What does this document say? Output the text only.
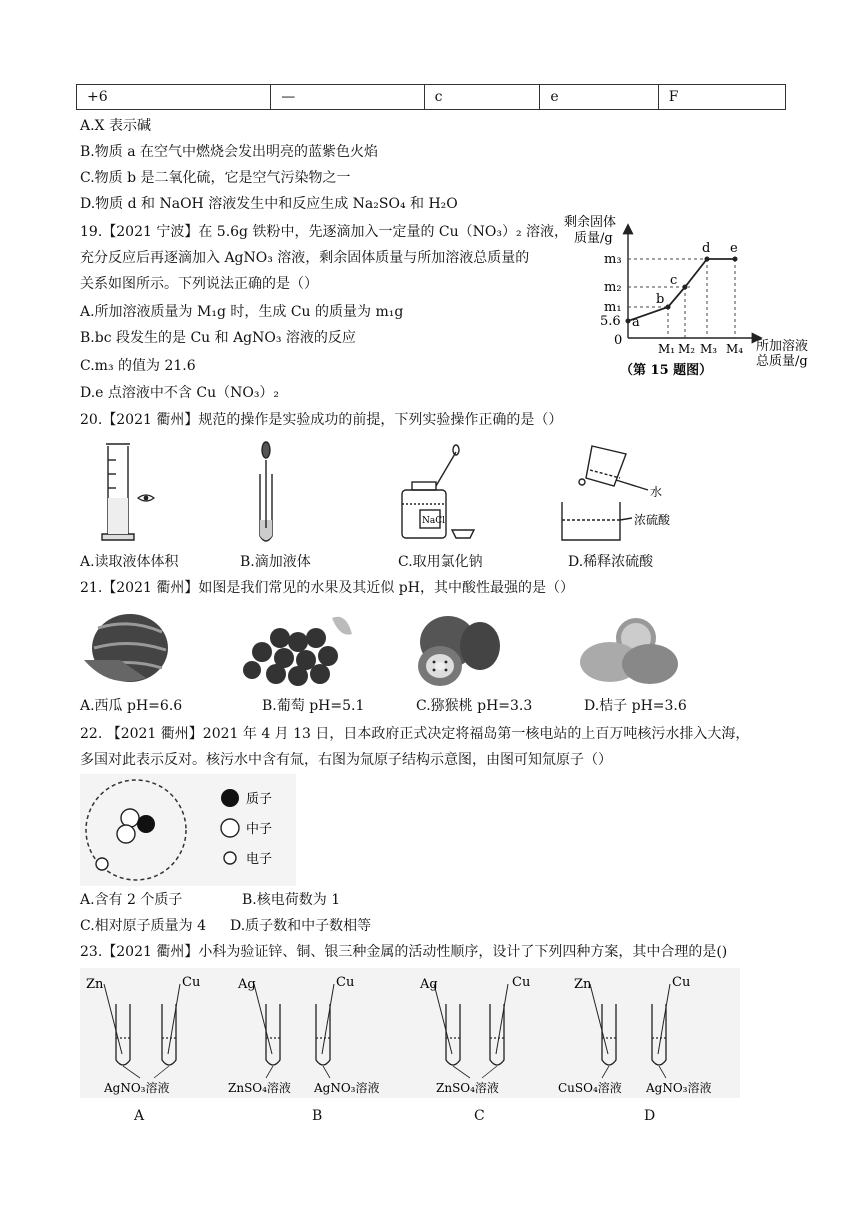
+6	—	c	e	F
A.X 表示碱
B.物质 a 在空气中燃烧会发出明亮的蓝紫色火焰
C.物质 b 是二氧化硫，它是空气污染物之一
D.物质 d 和 NaOH 溶液发生中和反应生成 Na₂SO₄ 和 H₂O
19.【2021 宁波】在 5.6g 铁粉中，先逐滴加入一定量的 Cu（NO₃）₂ 溶液，
充分反应后再逐滴加入 AgNO₃ 溶液，剩余固体质量与所加溶液总质量的
关系如图所示。下列说法正确的是（）
A.所加溶液质量为 M₁g 时，生成 Cu 的质量为 m₁g
B.bc 段发生的是 Cu 和 AgNO₃ 溶液的反应
C.m₃ 的值为 21.6
D.e 点溶液中不含 Cu（NO₃）₂
剩余固体
质量/g
m₃
m₂
m₁
5.6
0
M₁ M₂ M₃ M₄ 所加溶液
总质量/g
a
b
c
d e
（第 15 题图）
20.【2021 衢州】规范的操作是实验成功的前提，下列实验操作正确的是（）
NaCl
水
浓硫酸
A.读取液体体积	B.滴加液体	C.取用氯化钠	D.稀释浓硫酸
21.【2021 衢州】如图是我们常见的水果及其近似 pH，其中酸性最强的是（）
A.西瓜 pH=6.6	B.葡萄 pH=5.1	C.猕猴桃 pH=3.3	D.桔子 pH=3.6
22. 【2021 衢州】2021 年 4 月 13 日，日本政府正式决定将福岛第一核电站的上百万吨核污水排入大海，
多国对此表示反对。核污水中含有氚，右图为氚原子结构示意图，由图可知氚原子（）
质子
中子
电子
A.含有 2 个质子	B.核电荷数为 1
C.相对原子质量为 4 D.质子数和中子数相等
23.【2021 衢州】小科为验证锌、铜、银三种金属的活动性顺序，设计了下列四种方案，其中合理的是()
Zn	Cu
AgNO₃溶液
Ag	Cu
ZnSO₄溶液 AgNO₃溶液
Ag	Cu
ZnSO₄溶液
Zn	Cu
CuSO₄溶液 AgNO₃溶液
A	B	C	D
